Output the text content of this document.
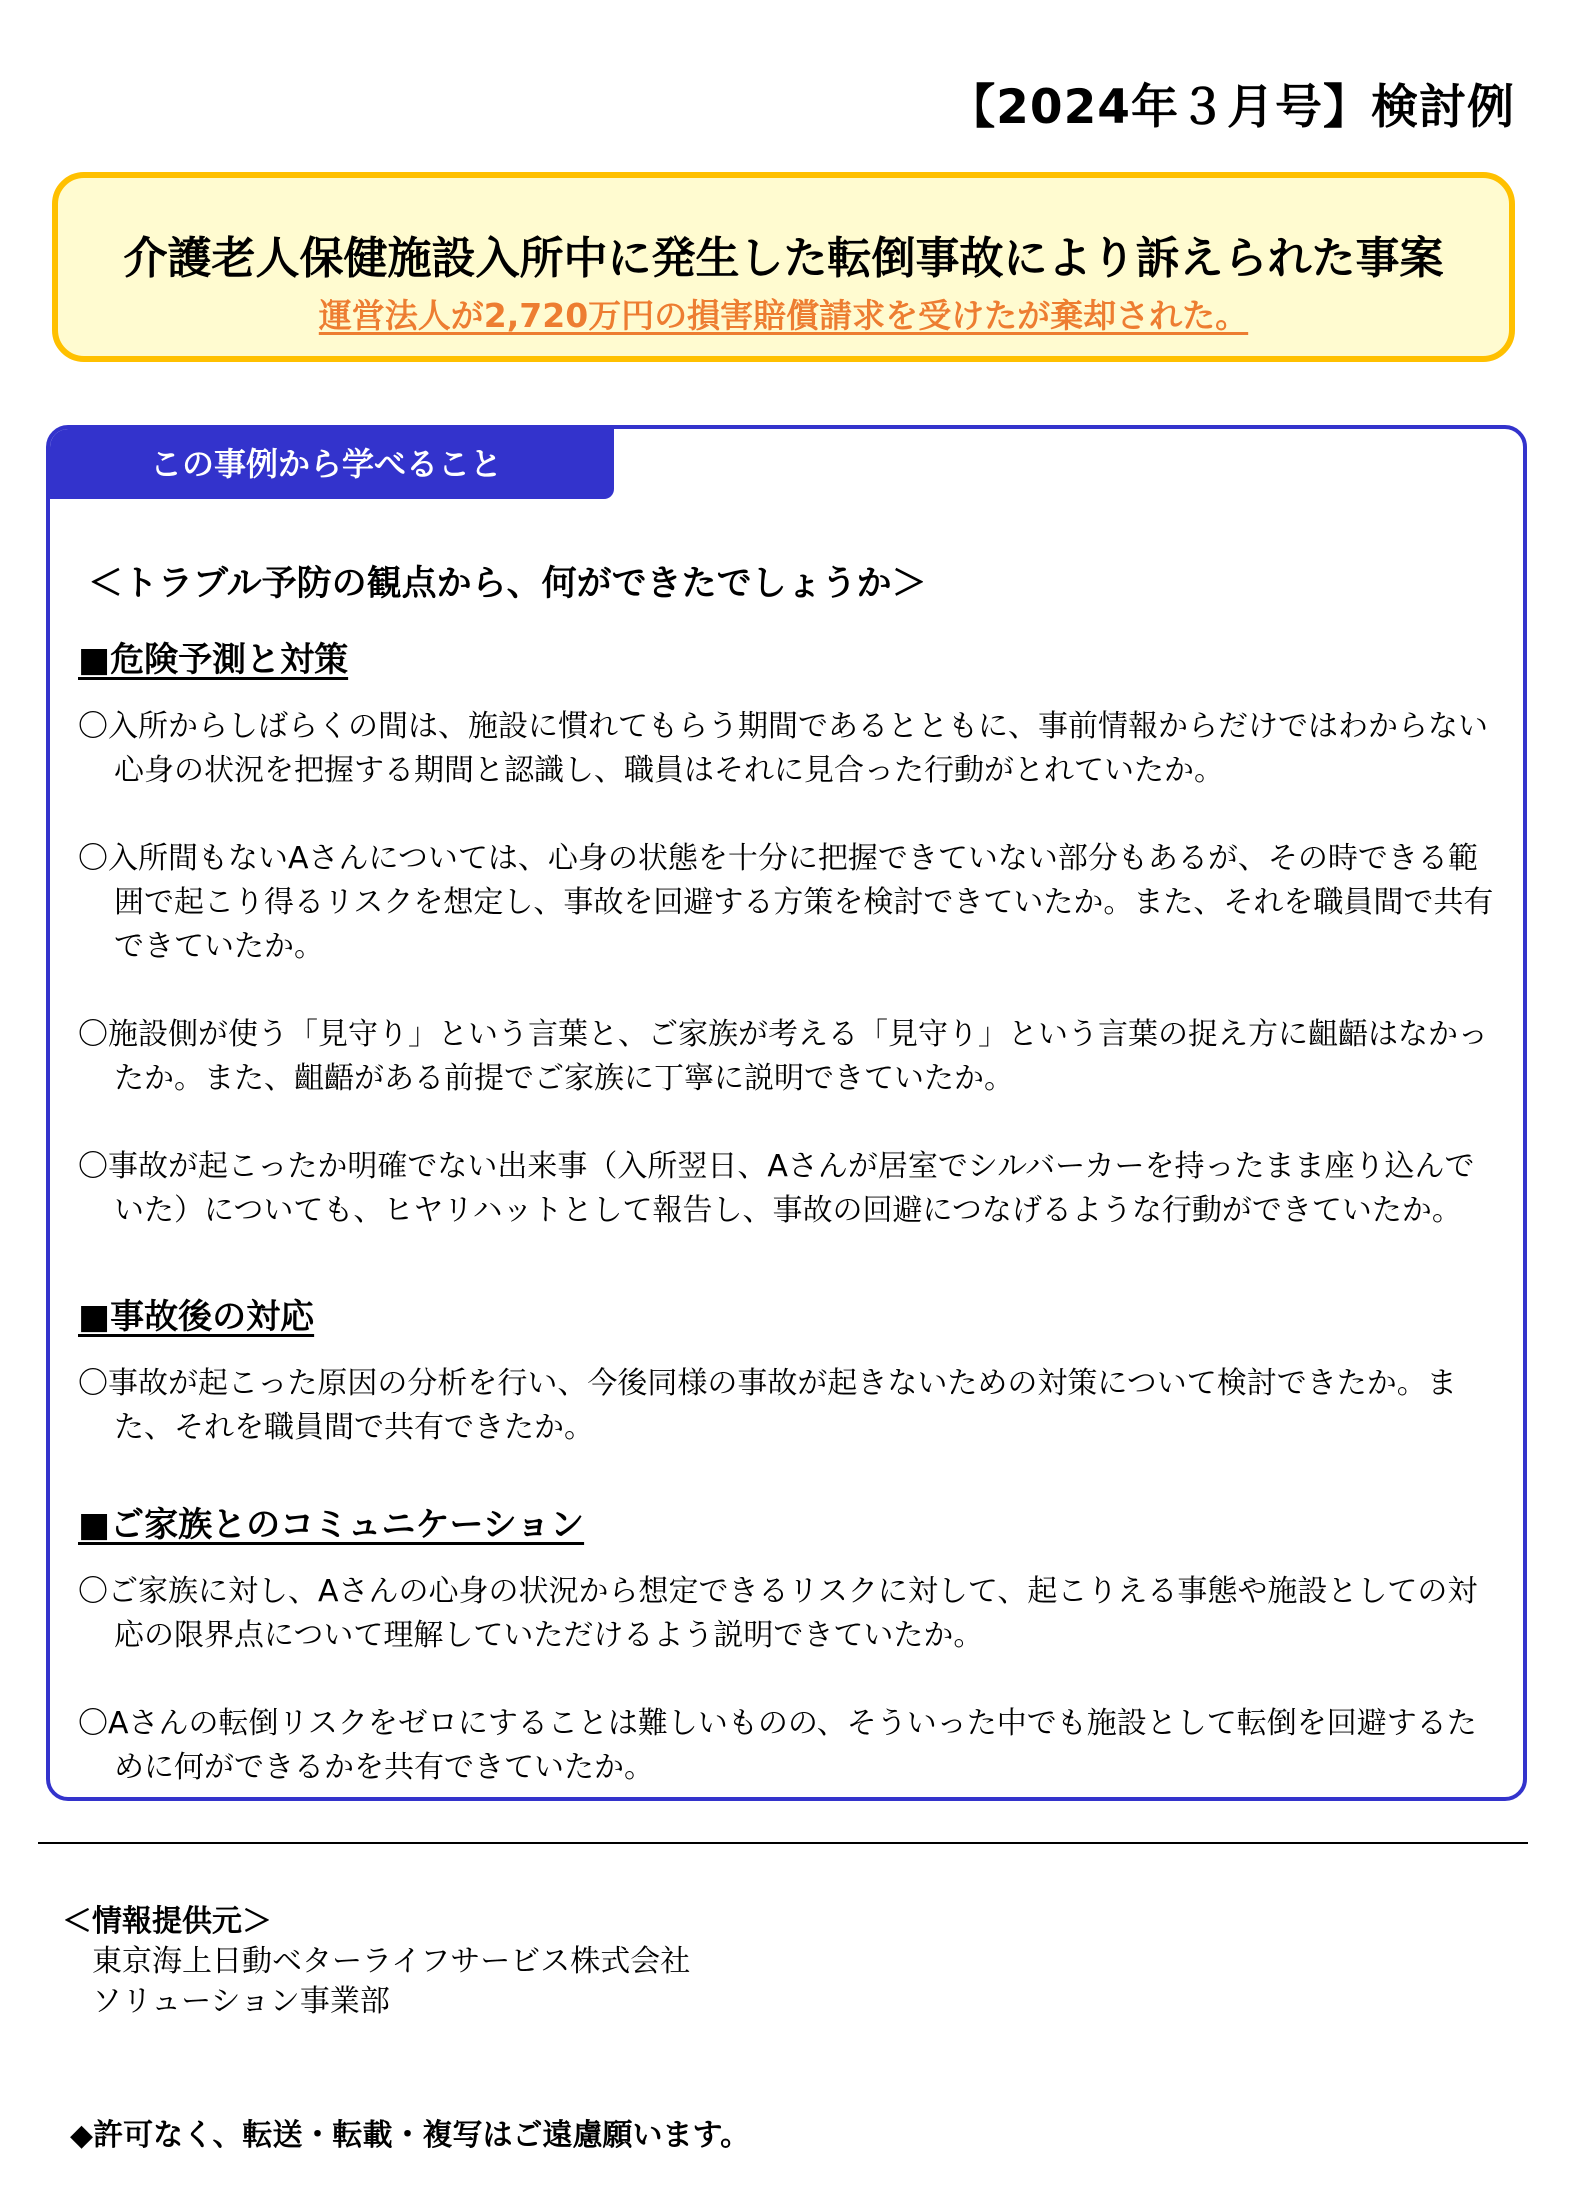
【2024年３月号】検討例
介護老人保健施設入所中に発生した転倒事故により訴えられた事案
運営法人が2,720万円の損害賠償請求を受けたが棄却された。
この事例から学べること
＜トラブル予防の観点から、何ができたでしょうか＞
■危険予測と対策
〇入所からしばらくの間は、施設に慣れてもらう期間であるとともに、事前情報からだけではわからない心身の状況を把握する期間と認識し、職員はそれに見合った行動がとれていたか。
〇入所間もないAさんについては、心身の状態を十分に把握できていない部分もあるが、その時できる範囲で起こり得るリスクを想定し、事故を回避する方策を検討できていたか。また、それを職員間で共有できていたか。
〇施設側が使う「見守り」という言葉と、ご家族が考える「見守り」という言葉の捉え方に齟齬はなかったか。また、齟齬がある前提でご家族に丁寧に説明できていたか。
〇事故が起こったか明確でない出来事（入所翌日、Aさんが居室でシルバーカーを持ったまま座り込んでいた）についても、ヒヤリハットとして報告し、事故の回避につなげるような行動ができていたか。
■事故後の対応
〇事故が起こった原因の分析を行い、今後同様の事故が起きないための対策について検討できたか。また、それを職員間で共有できたか。
■ご家族とのコミュニケーション
〇ご家族に対し、Aさんの心身の状況から想定できるリスクに対して、起こりえる事態や施設としての対応の限界点について理解していただけるよう説明できていたか。
〇Aさんの転倒リスクをゼロにすることは難しいものの、そういった中でも施設として転倒を回避するために何ができるかを共有できていたか。
＜情報提供元＞
東京海上日動ベターライフサービス株式会社
ソリューション事業部
◆許可なく、転送・転載・複写はご遠慮願います。
